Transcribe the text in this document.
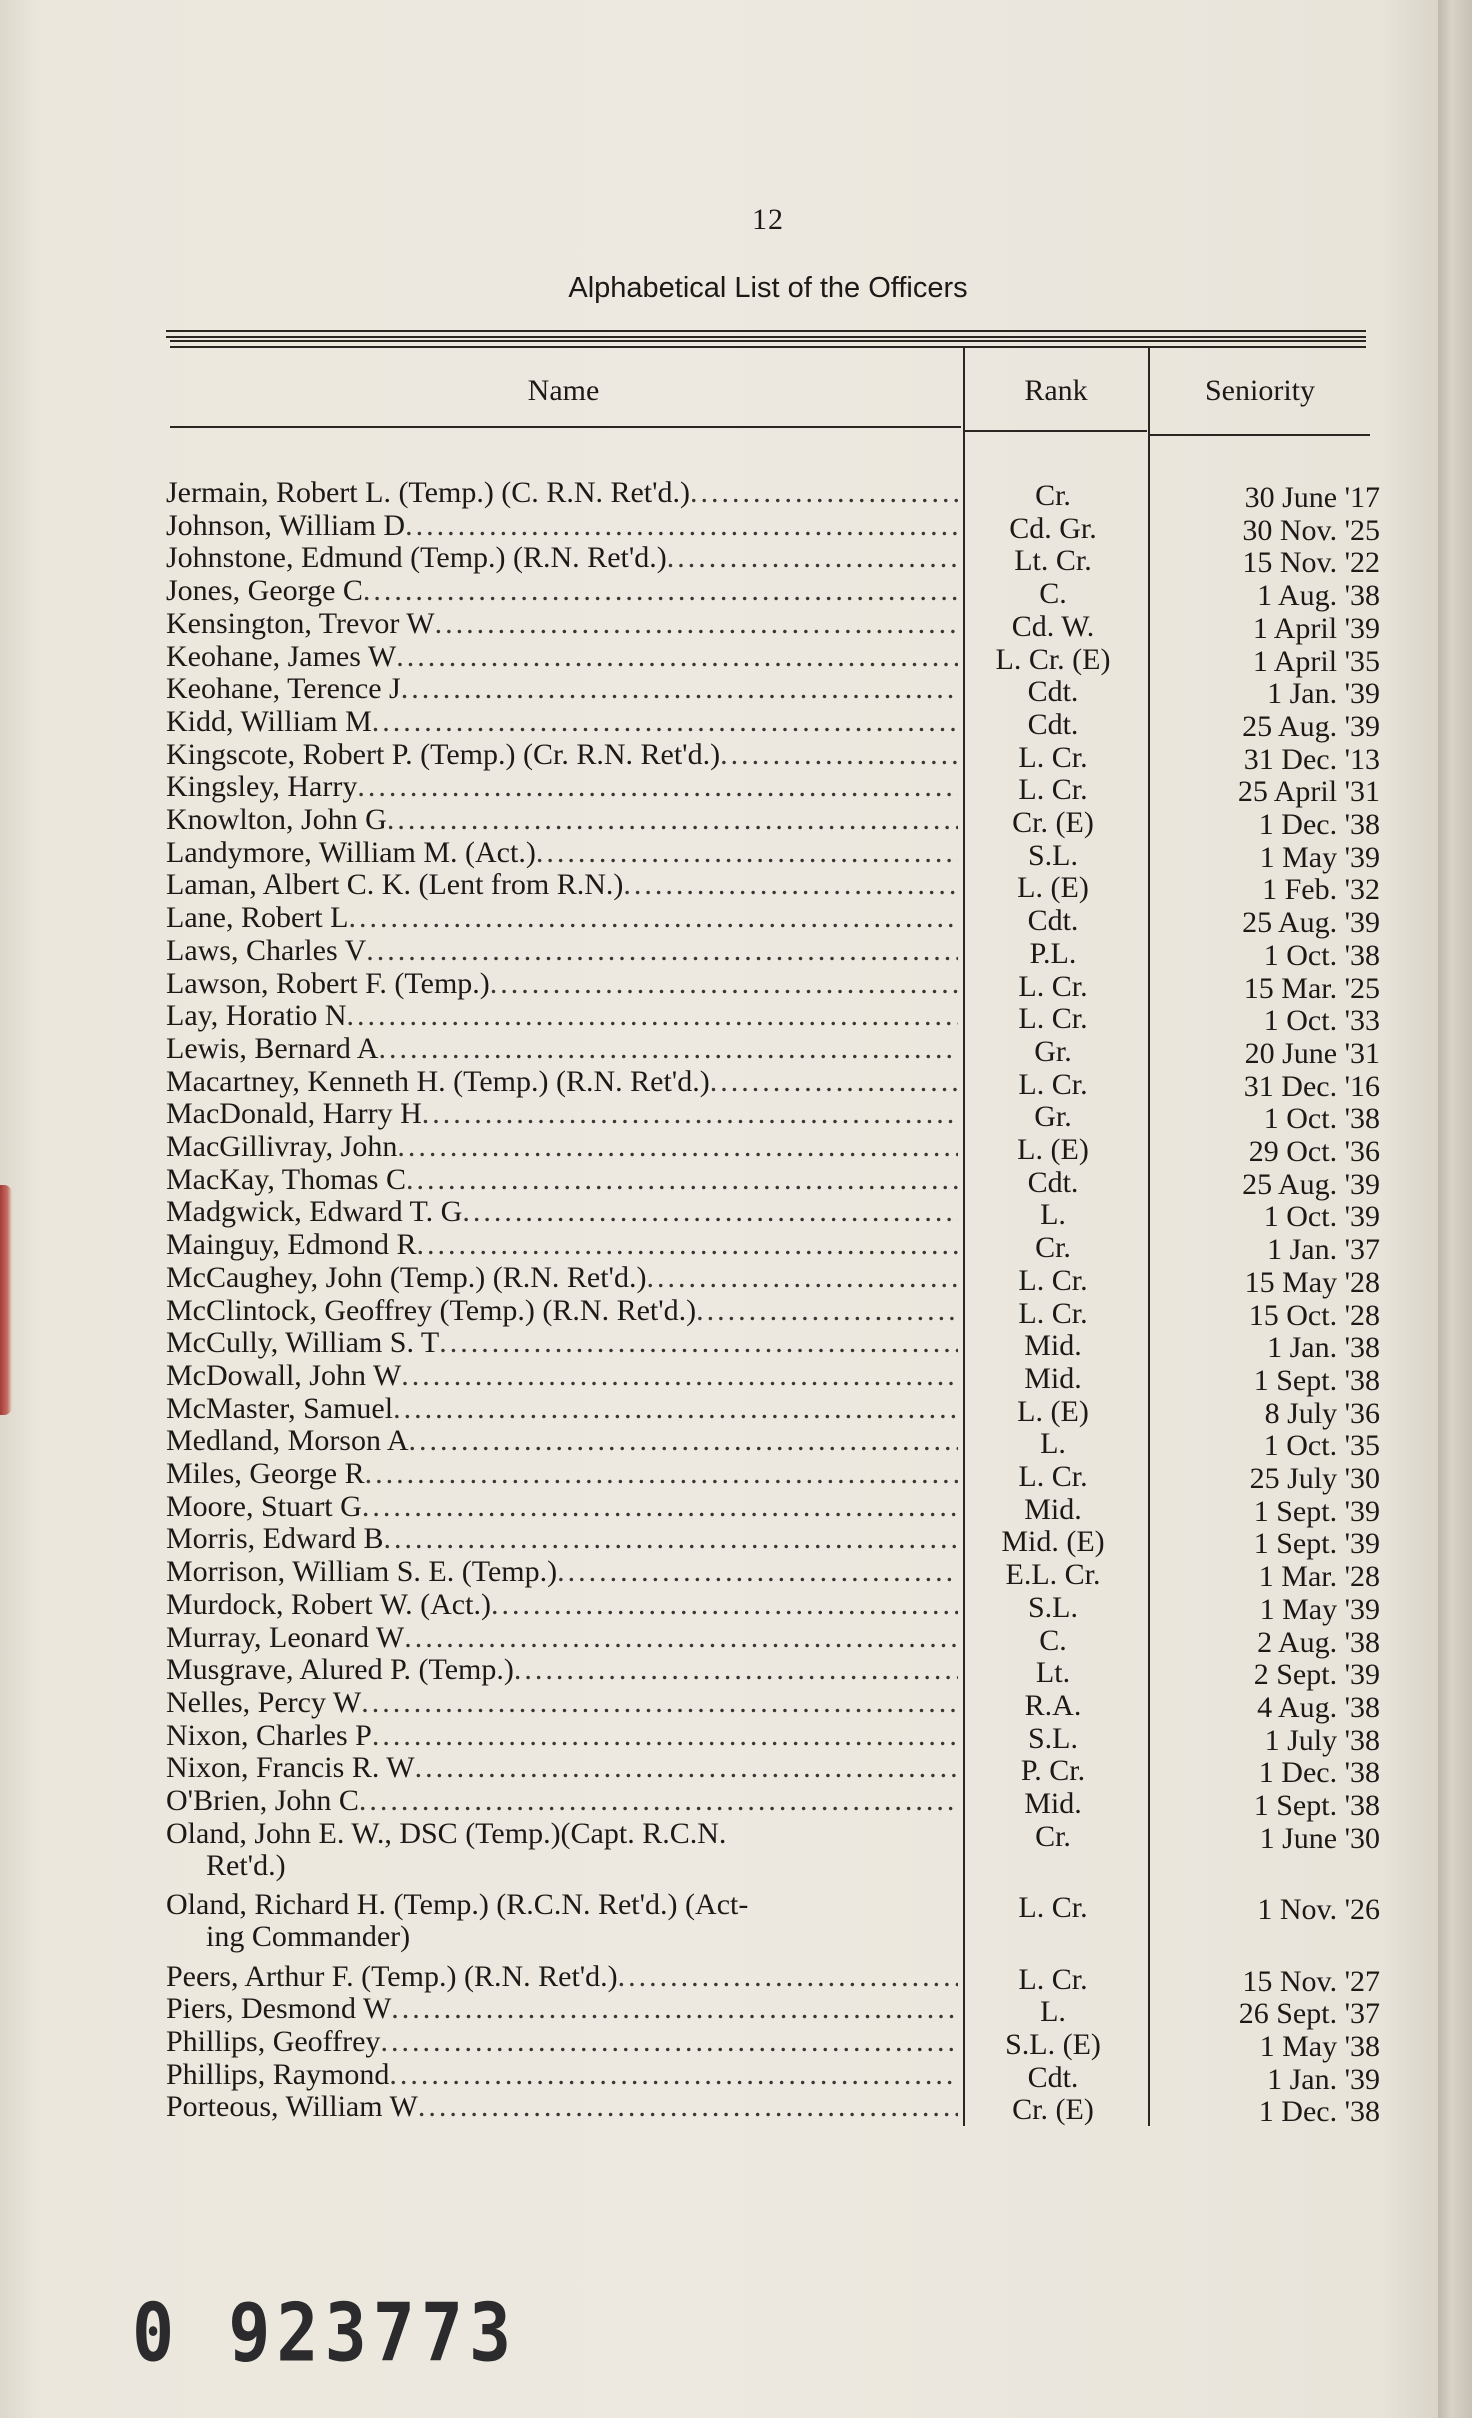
12
Alphabetical List of the Officers
Name	Rank	Seniority
Jermain, Robert L. (Temp.) (C. R.N. Ret'd.) .....	Cr.	30 June '17
Johnson, William D .....	Cd. Gr.	30 Nov. '25
Johnstone, Edmund (Temp.) (R.N. Ret'd.) .....	Lt. Cr.	15 Nov. '22
Jones, George C .....	C.	1 Aug. '38
Kensington, Trevor W .....	Cd. W.	1 April '39
Keohane, James W .....	L. Cr. (E)	1 April '35
Keohane, Terence J .....	Cdt.	1 Jan. '39
Kidd, William M .....	Cdt.	25 Aug. '39
Kingscote, Robert P. (Temp.) (Cr. R.N. Ret'd.) .....	L. Cr.	31 Dec. '13
Kingsley, Harry .....	L. Cr.	25 April '31
Knowlton, John G .....	Cr. (E)	1 Dec. '38
Landymore, William M. (Act.) .....	S.L.	1 May '39
Laman, Albert C. K. (Lent from R.N.) .....	L. (E)	1 Feb. '32
Lane, Robert L .....	Cdt.	25 Aug. '39
Laws, Charles V .....	P.L.	1 Oct. '38
Lawson, Robert F. (Temp.) .....	L. Cr.	15 Mar. '25
Lay, Horatio N .....	L. Cr.	1 Oct. '33
Lewis, Bernard A .....	Gr.	20 June '31
Macartney, Kenneth H. (Temp.) (R.N. Ret'd.) .....	L. Cr.	31 Dec. '16
MacDonald, Harry H .....	Gr.	1 Oct. '38
MacGillivray, John .....	L. (E)	29 Oct. '36
MacKay, Thomas C .....	Cdt.	25 Aug. '39
Madgwick, Edward T. G .....	L.	1 Oct. '39
Mainguy, Edmond R .....	Cr.	1 Jan. '37
McCaughey, John (Temp.) (R.N. Ret'd.) .....	L. Cr.	15 May '28
McClintock, Geoffrey (Temp.) (R.N. Ret'd.) .....	L. Cr.	15 Oct. '28
McCully, William S. T .....	Mid.	1 Jan. '38
McDowall, John W .....	Mid.	1 Sept. '38
McMaster, Samuel .....	L. (E)	8 July '36
Medland, Morson A .....	L.	1 Oct. '35
Miles, George R .....	L. Cr.	25 July '30
Moore, Stuart G .....	Mid.	1 Sept. '39
Morris, Edward B .....	Mid. (E)	1 Sept. '39
Morrison, William S. E. (Temp.) .....	E.L. Cr.	1 Mar. '28
Murdock, Robert W. (Act.) .....	S.L.	1 May '39
Murray, Leonard W .....	C.	2 Aug. '38
Musgrave, Alured P. (Temp.) .....	Lt.	2 Sept. '39
Nelles, Percy W .....	R.A.	4 Aug. '38
Nixon, Charles P .....	S.L.	1 July '38
Nixon, Francis R. W .....	P. Cr.	1 Dec. '38
O'Brien, John C .....	Mid.	1 Sept. '38
Oland, John E. W., DSC (Temp.)(Capt. R.C.N.
Ret'd.)
Cr.	1 June '30
Oland, Richard H. (Temp.) (R.C.N. Ret'd.) (Act-
ing Commander)
L. Cr.	1 Nov. '26
Peers, Arthur F. (Temp.) (R.N. Ret'd.) .....	L. Cr.	15 Nov. '27
Piers, Desmond W .....	L.	26 Sept. '37
Phillips, Geoffrey .....	S.L. (E)	1 May '38
Phillips, Raymond .....	Cdt.	1 Jan. '39
Porteous, William W .....	Cr. (E)	1 Dec. '38
0 923773
